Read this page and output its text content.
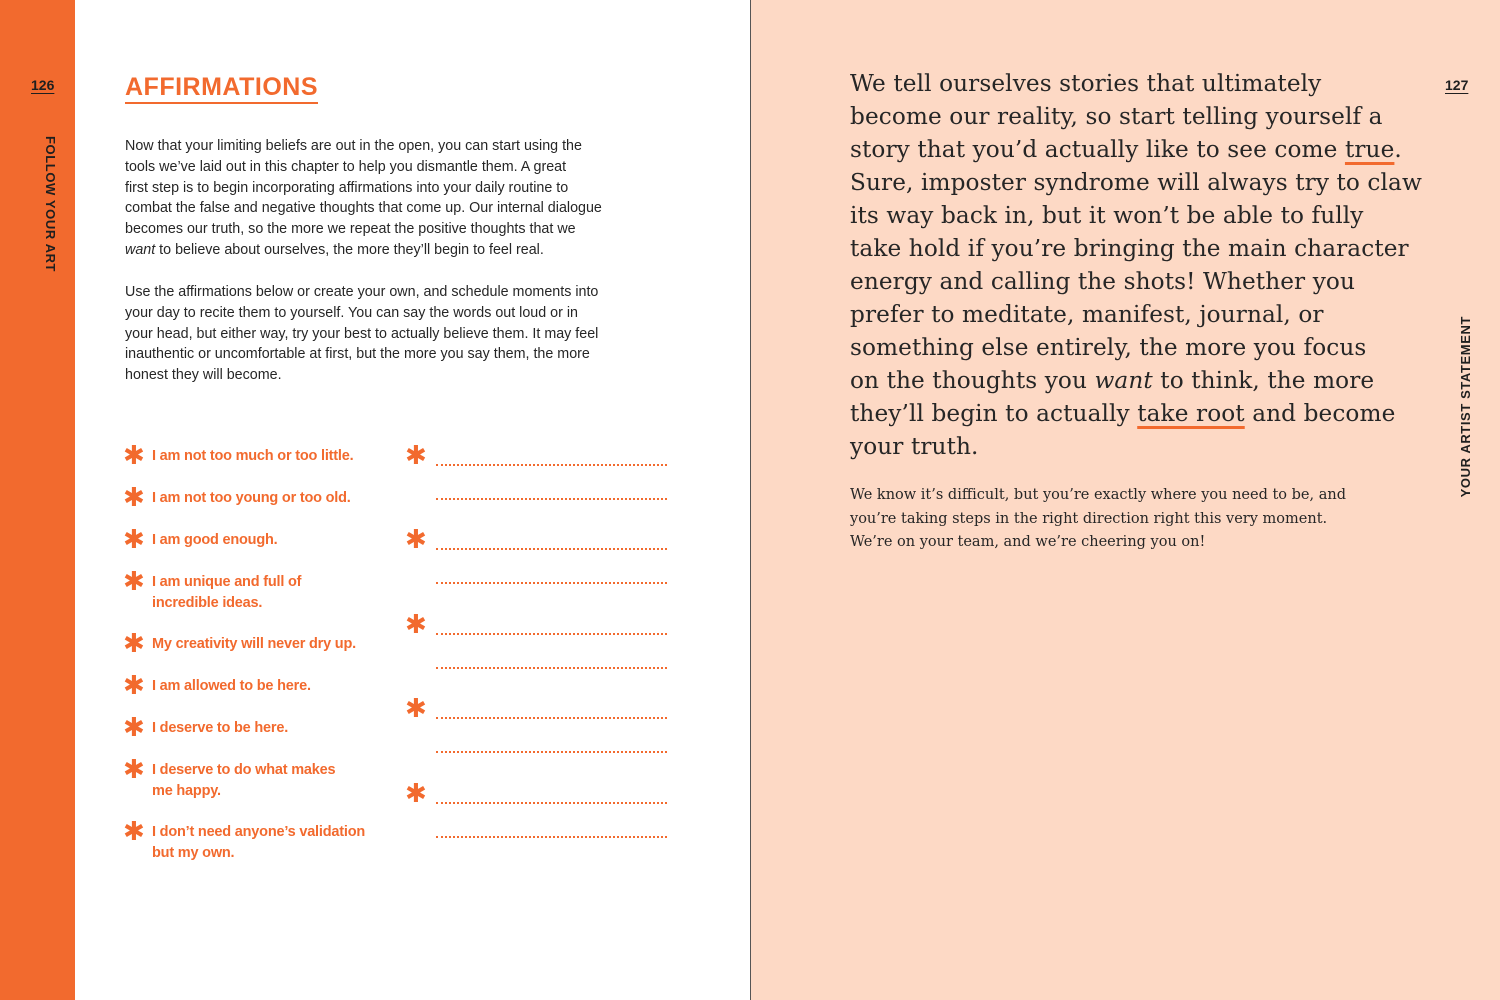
126
FOLLOW YOUR ART
AFFIRMATIONS

Now that your limiting beliefs are out in the open, you can start using the
tools we’ve laid out in this chapter to help you dismantle them. A great
first step is to begin incorporating affirmations into your daily routine to
combat the false and negative thoughts that come up. Our internal dialogue
becomes our truth, so the more we repeat the positive thoughts that we
want to believe about ourselves, the more they’ll begin to feel real.

Use the affirmations below or create your own, and schedule moments into
your day to recite them to yourself. You can say the words out loud or in
your head, but either way, try your best to actually believe them. It may feel
inauthentic or uncomfortable at first, but the more you say them, the more
honest they will become.

✱ I am not too much or too little.
✱ I am not too young or too old.
✱ I am good enough.
✱ I am unique and full of
incredible ideas.
✱ My creativity will never dry up.
✱ I am allowed to be here.
✱ I deserve to be here.
✱ I deserve to do what makes
me happy.
✱ I don’t need anyone’s validation
but my own.
✱
✱
✱
✱
✱
127
YOUR ARTIST STATEMENT

We tell ourselves stories that ultimately
become our reality, so start telling yourself a
story that you’d actually like to see come true.
Sure, imposter syndrome will always try to claw
its way back in, but it won’t be able to fully
take hold if you’re bringing the main character
energy and calling the shots! Whether you
prefer to meditate, manifest, journal, or
something else entirely, the more you focus
on the thoughts you want to think, the more
they’ll begin to actually take root and become
your truth.

We know it’s difficult, but you’re exactly where you need to be, and
you’re taking steps in the right direction right this very moment.
We’re on your team, and we’re cheering you on!
